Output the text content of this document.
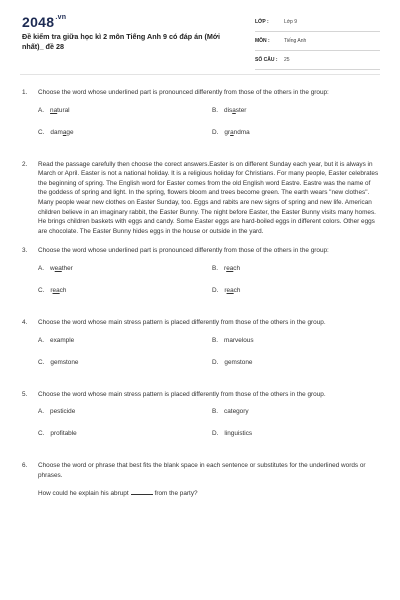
$2048^{.vn}$
Đề kiểm tra giữa học kì 2 môn Tiếng Anh 9 có đáp án (Mới nhất)_ đề 28
LỚP :	Lớp 9
MÔN :	Tiếng Anh
SỐ CÂU : 25
1. Choose the word whose underlined part is pronounced differently from those of the others in the group:
A. natural	B. disaster
C. damage	D. grandma
2. Read the passage carefully then choose the corect answers.Easter is on different Sunday each year, but it is always in March or April. Easter is not a national holiday. It is a religious holiday for Christians. For many people, Easter celebrates the beginning of spring. The English word for Easter comes from the old English word Eastre. Eastre was the name of the goddess of spring and light. In the spring, flowers bloom and trees become green. The earth wears "new clothes". Many people wear new clothes on Easter Sunday, too. Eggs and rabits are new signs of spring and new life. American children believe in an imaginary rabbit, the Easter Bunny. The night before Easter, the Easter Bunny visits many homes. He brings children baskets with eggs and candy. Some Easter eggs are hard-boiled eggs in different colors. Other eggs are chocolate. The Easter Bunny hides eggs in the house or outside in the yard.
3. Choose the word whose underlined part is pronounced differently from those of the others in the group:
A. weather	B. reach
C. reach	D. reach
4. Choose the word whose main stress pattern is placed differently from those of the others in the group.
A. example	B. marvelous
C. gemstone	D. gemstone
5. Choose the word whose main stress pattern is placed differently from those of the others in the group.
A. pesticide	B. category
C. profitable	D. linguistics
6. Choose the word or phrase that best fits the blank space in each sentence or substitutes for the underlined words or phrases.
How could he explain his abrupt	from the party?
